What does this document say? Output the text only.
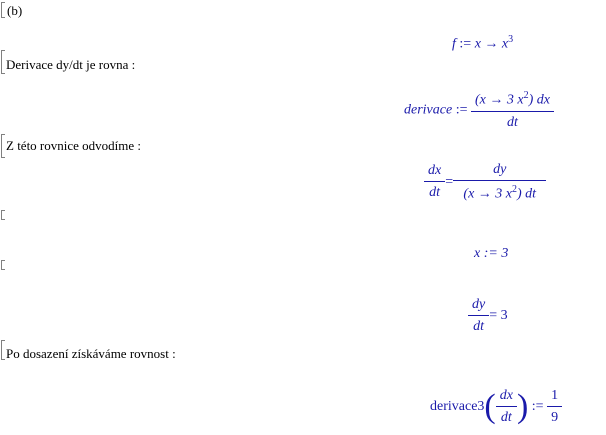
(b)
f := $x \to x^3$
Derivace dy/dt je rovna :
derivace := $\frac{(x \to 3 x^2) dx}{dt}$
Z této rovnice odvodíme :
$\frac{dx}{dt} = \frac{dy}{(x \to 3 x^2) dt}$
x := 3
$\frac{dy}{dt} = 3$
Po dosazení získáváme rovnost :
derivace3( $\frac{dx}{dt}$ ) := $\frac{1}{9}$
